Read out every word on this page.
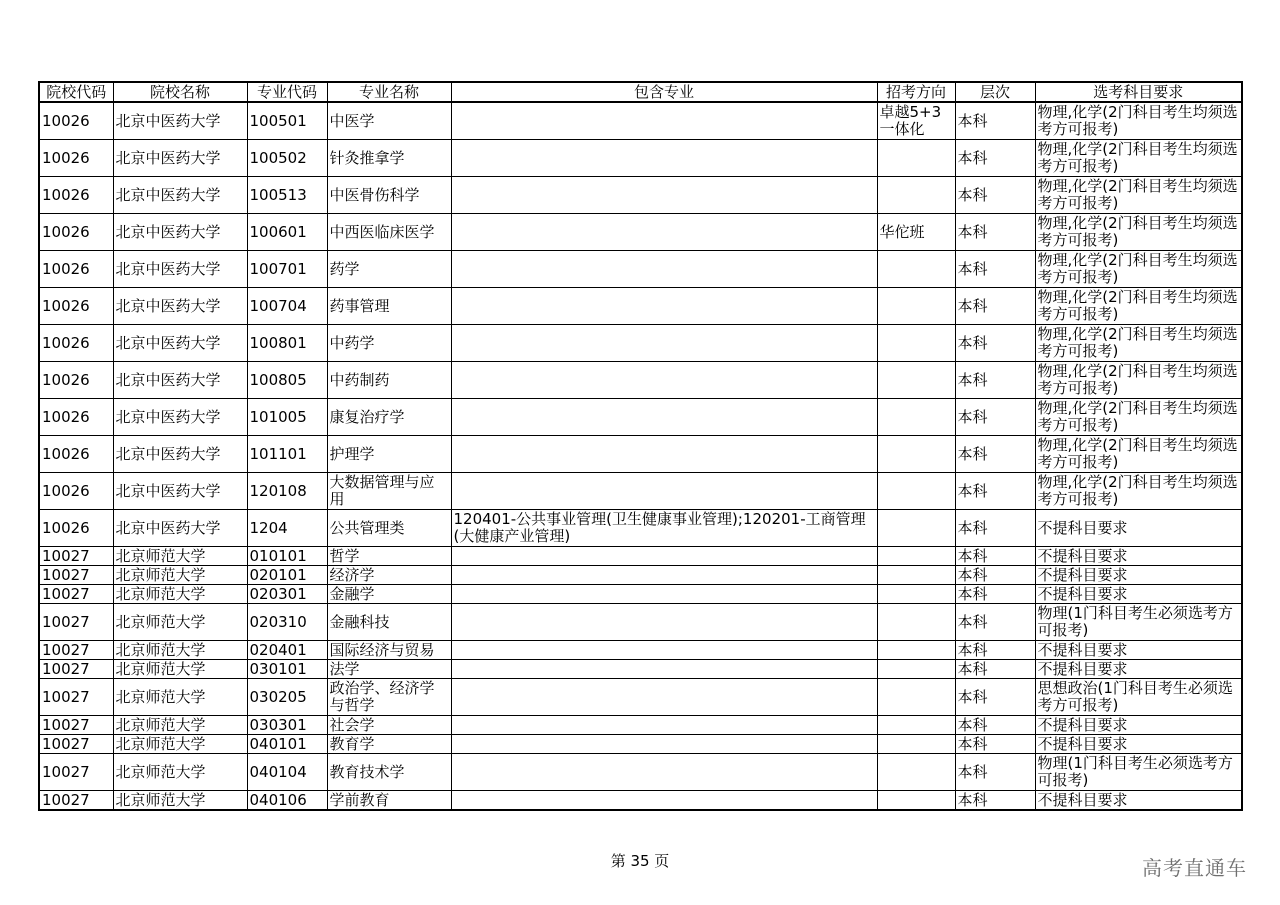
院校代码	院校名称	专业代码	专业名称	包含专业	招考方向	层次	选考科目要求
10026	北京中医药大学	100501	中医学		卓越5+3一体化	本科	物理,化学(2门科目考生均须选考方可报考)
10026	北京中医药大学	100502	针灸推拿学			本科	物理,化学(2门科目考生均须选考方可报考)
10026	北京中医药大学	100513	中医骨伤科学			本科	物理,化学(2门科目考生均须选考方可报考)
10026	北京中医药大学	100601	中西医临床医学		华佗班	本科	物理,化学(2门科目考生均须选考方可报考)
10026	北京中医药大学	100701	药学			本科	物理,化学(2门科目考生均须选考方可报考)
10026	北京中医药大学	100704	药事管理			本科	物理,化学(2门科目考生均须选考方可报考)
10026	北京中医药大学	100801	中药学			本科	物理,化学(2门科目考生均须选考方可报考)
10026	北京中医药大学	100805	中药制药			本科	物理,化学(2门科目考生均须选考方可报考)
10026	北京中医药大学	101005	康复治疗学			本科	物理,化学(2门科目考生均须选考方可报考)
10026	北京中医药大学	101101	护理学			本科	物理,化学(2门科目考生均须选考方可报考)
10026	北京中医药大学	120108	大数据管理与应用			本科	物理,化学(2门科目考生均须选考方可报考)
10026	北京中医药大学	1204	公共管理类	120401-公共事业管理(卫生健康事业管理);120201-工商管理(大健康产业管理)		本科	不提科目要求
10027	北京师范大学	010101	哲学			本科	不提科目要求
10027	北京师范大学	020101	经济学			本科	不提科目要求
10027	北京师范大学	020301	金融学			本科	不提科目要求
10027	北京师范大学	020310	金融科技			本科	物理(1门科目考生必须选考方可报考)
10027	北京师范大学	020401	国际经济与贸易			本科	不提科目要求
10027	北京师范大学	030101	法学			本科	不提科目要求
10027	北京师范大学	030205	政治学、经济学与哲学			本科	思想政治(1门科目考生必须选考方可报考)
10027	北京师范大学	030301	社会学			本科	不提科目要求
10027	北京师范大学	040101	教育学			本科	不提科目要求
10027	北京师范大学	040104	教育技术学			本科	物理(1门科目考生必须选考方可报考)
10027	北京师范大学	040106	学前教育			本科	不提科目要求
第 35 页	高考直通车
